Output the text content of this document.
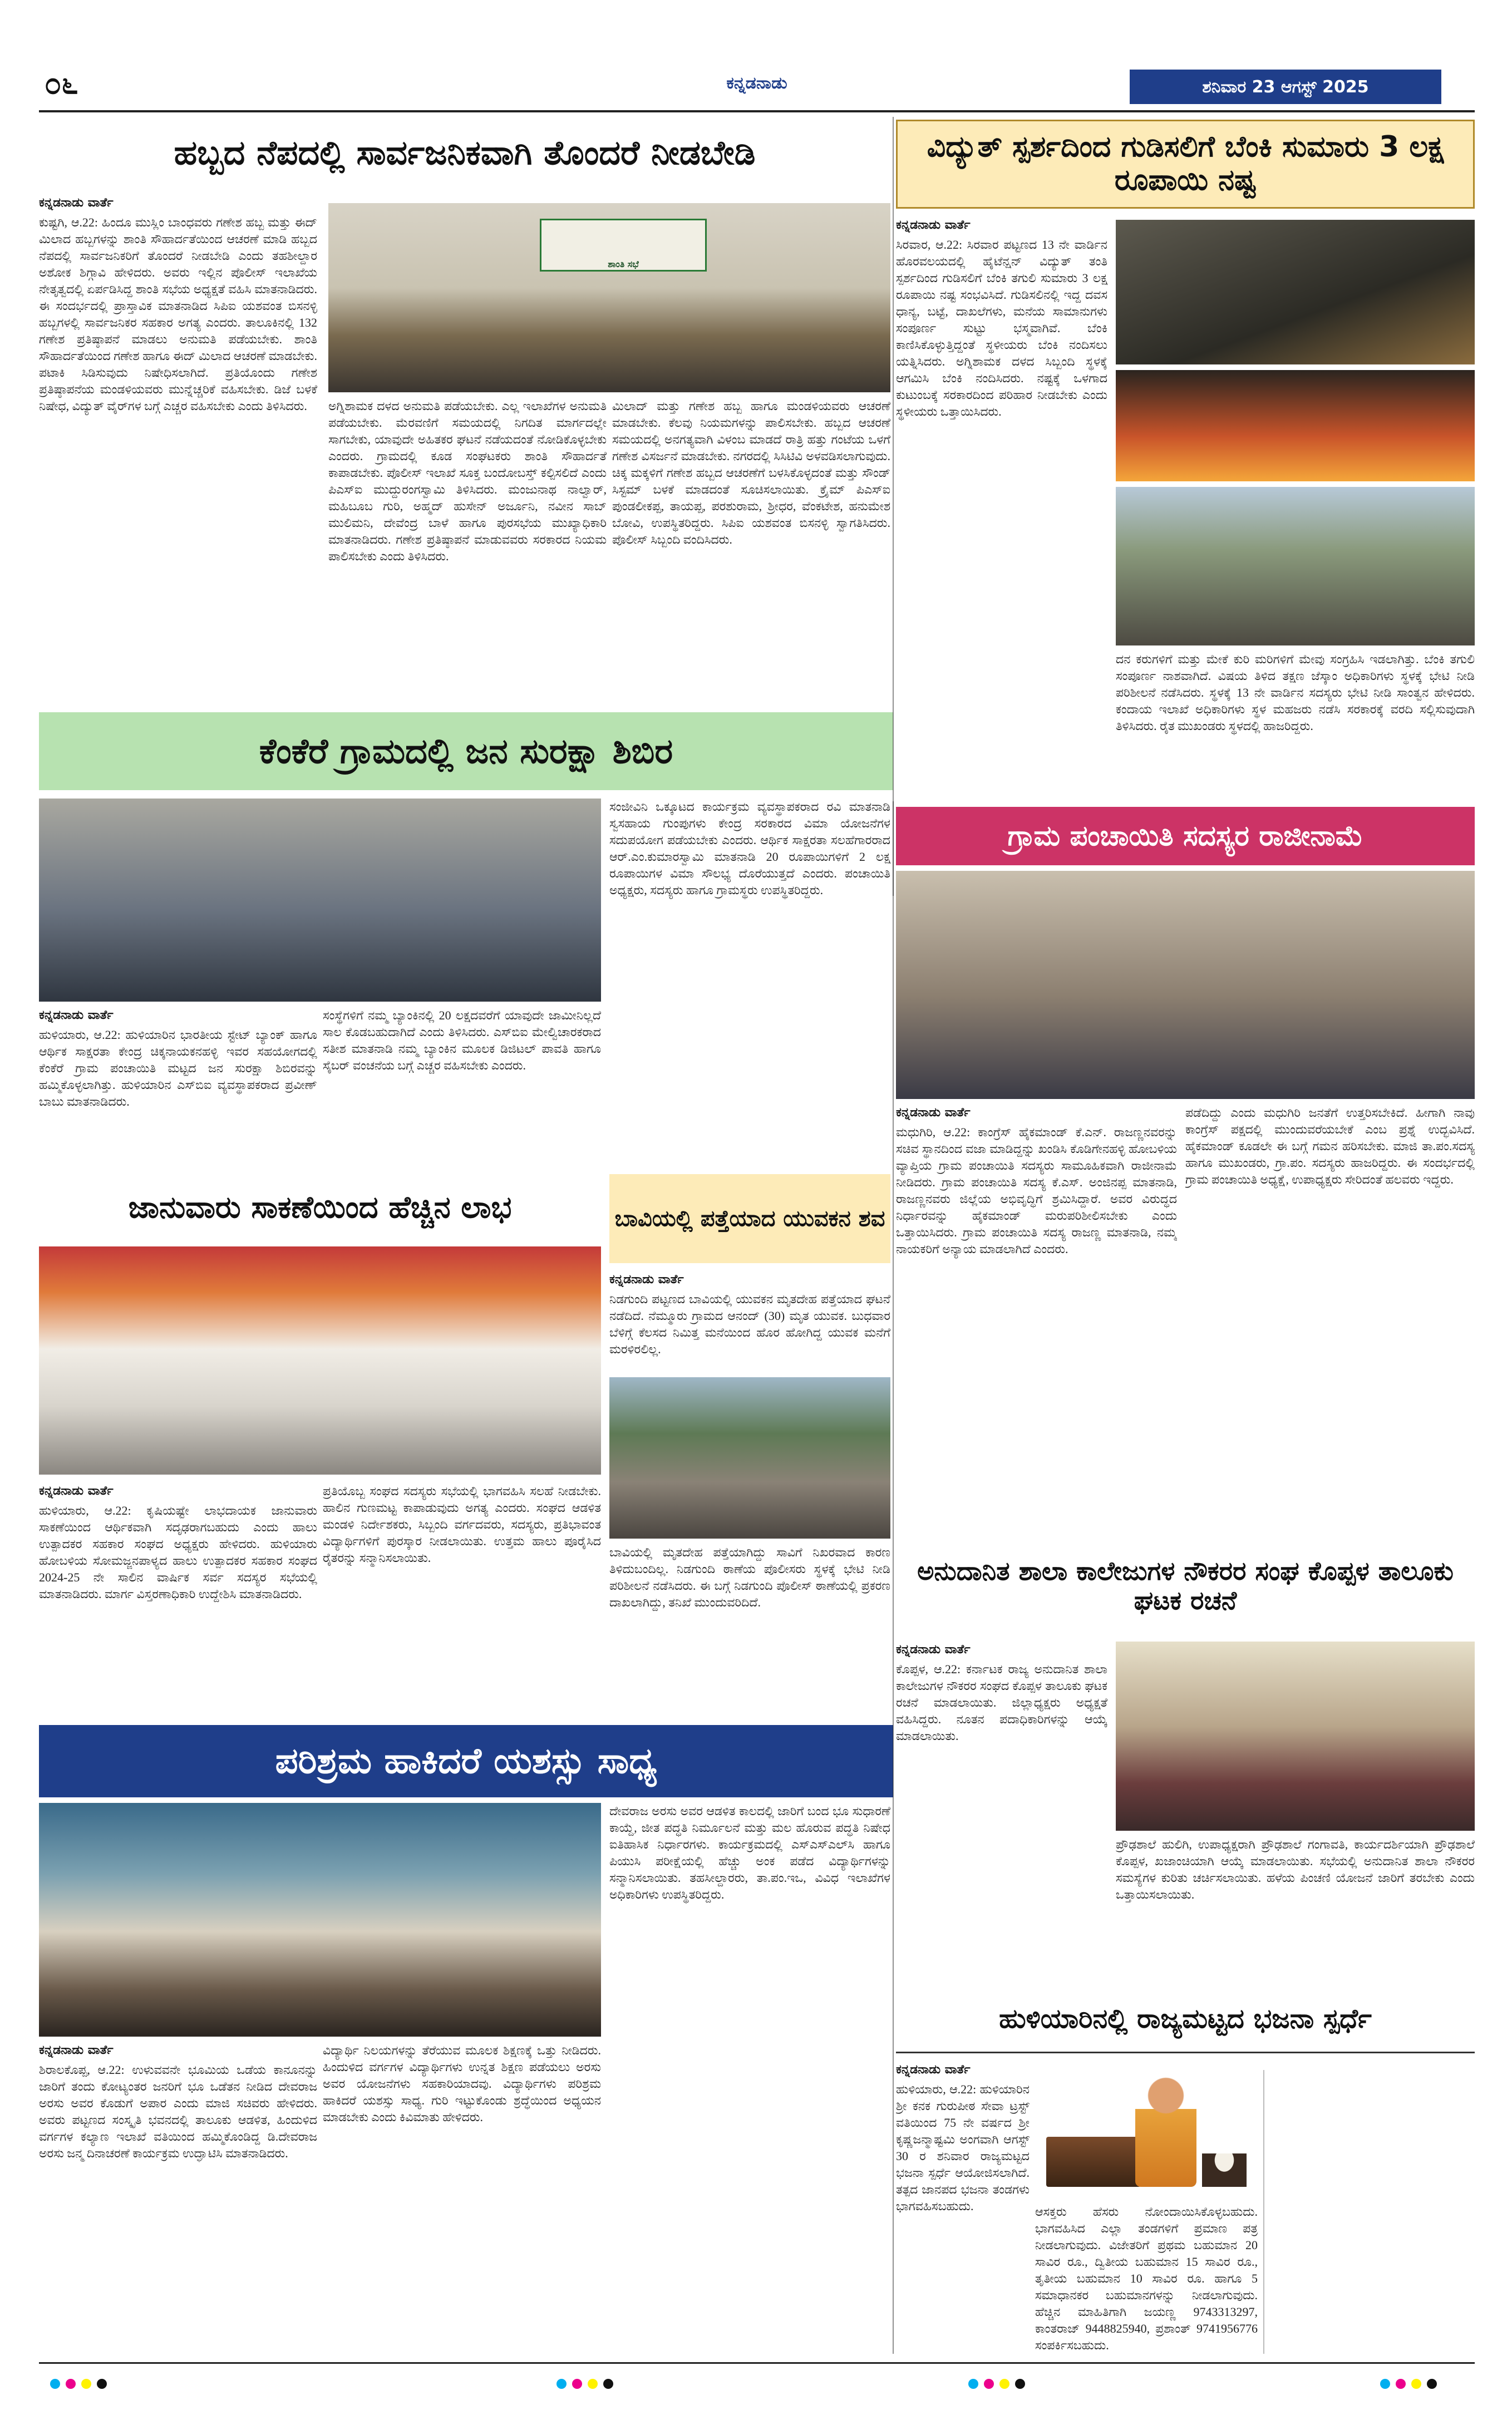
೦೬	ಕನ್ನಡನಾಡು	ಶನಿವಾರ 23 ಆಗಸ್ಟ್ 2025
ಹಬ್ಬದ ನೆಪದಲ್ಲಿ ಸಾರ್ವಜನಿಕವಾಗಿ ತೊಂದರೆ ನೀಡಬೇಡಿ
ಕನ್ನಡನಾಡು ವಾರ್ತೆ
ಕುಷ್ಟಗಿ, ಆ.22: ಹಿಂದೂ ಮುಸ್ಲಿಂ ಬಾಂಧವರು ಗಣೇಶ ಹಬ್ಬ ಮತ್ತು ಈದ್ ಮಿಲಾದ ಹಬ್ಬಗಳನ್ನು ಶಾಂತಿ ಸೌಹಾರ್ದತೆಯಿಂದ ಆಚರಣೆ ಮಾಡಿ ಹಬ್ಬದ ನೆಪದಲ್ಲಿ ಸಾರ್ವಜನಿಕರಿಗೆ ತೊಂದರೆ ನೀಡಬೇಡಿ ಎಂದು ತಹಶೀಲ್ದಾರ ಅಶೋಕ ಶಿಗ್ಗಾವಿ ಹೇಳಿದರು. ಅವರು ಇಲ್ಲಿನ ಪೊಲೀಸ್ ಇಲಾಖೆಯ ನೇತೃತ್ವದಲ್ಲಿ ಏರ್ಪಡಿಸಿದ್ದ ಶಾಂತಿ ಸಭೆಯ ಅಧ್ಯಕ್ಷತೆ ವಹಿಸಿ ಮಾತನಾಡಿದರು. ಈ ಸಂದರ್ಭದಲ್ಲಿ ಪ್ರಾಸ್ತಾವಿಕ ಮಾತನಾಡಿದ ಸಿಪಿಐ ಯಶವಂತ ಬಿಸನಳ್ಳಿ ಹಬ್ಬಗಳಲ್ಲಿ ಸಾರ್ವಜನಿಕರ ಸಹಕಾರ ಅಗತ್ಯ ಎಂದರು. ತಾಲೂಕಿನಲ್ಲಿ 132 ಗಣೇಶ ಪ್ರತಿಷ್ಠಾಪನೆ ಮಾಡಲು ಅನುಮತಿ ಪಡೆಯಬೇಕು. ಶಾಂತಿ ಸೌಹಾರ್ದತೆಯಿಂದ ಗಣೇಶ ಹಾಗೂ ಈದ್ ಮಿಲಾದ ಆಚರಣೆ ಮಾಡಬೇಕು. ಪಟಾಕಿ ಸಿಡಿಸುವುದು ನಿಷೇಧಿಸಲಾಗಿದೆ. ಪ್ರತಿಯೊಂದು ಗಣೇಶ ಪ್ರತಿಷ್ಠಾಪನೆಯ ಮಂಡಳಿಯವರು ಮುನ್ನೆಚ್ಚರಿಕೆ ವಹಿಸಬೇಕು. ಡಿಜೆ ಬಳಕೆ ನಿಷೇಧ, ವಿದ್ಯುತ್ ವೈರ್‌ಗಳ ಬಗ್ಗೆ ಎಚ್ಚರ ವಹಿಸಬೇಕು ಎಂದು ತಿಳಿಸಿದರು.
ಶಾಂತಿ ಸಭೆ
ಅಗ್ನಿಶಾಮಕ ದಳದ ಅನುಮತಿ ಪಡೆಯಬೇಕು. ಎಲ್ಲ ಇಲಾಖೆಗಳ ಅನುಮತಿ ಪಡೆಯಬೇಕು. ಮೆರವಣಿಗೆ ಸಮಯದಲ್ಲಿ ನಿಗದಿತ ಮಾರ್ಗದಲ್ಲೇ ಸಾಗಬೇಕು, ಯಾವುದೇ ಅಹಿತಕರ ಘಟನೆ ನಡೆಯದಂತೆ ನೋಡಿಕೊಳ್ಳಬೇಕು ಎಂದರು. ಗ್ರಾಮದಲ್ಲಿ ಕೂಡ ಸಂಘಟಕರು ಶಾಂತಿ ಸೌಹಾರ್ದತೆ ಕಾಪಾಡಬೇಕು. ಪೊಲೀಸ್ ಇಲಾಖೆ ಸೂಕ್ತ ಬಂದೋಬಸ್ತ್ ಕಲ್ಪಿಸಲಿದೆ ಎಂದು ಪಿಎಸ್ಐ ಮುದ್ದುರಂಗಸ್ವಾಮಿ ತಿಳಿಸಿದರು. ಮಂಜುನಾಥ ನಾಲ್ವಾರ್, ಮಹಿಬೂಬ ಗುರಿ, ಅಹ್ಮದ್ ಹುಸೇನ್ ಅರ್ಜೂನಿ, ನವೀನ ಸಾಬ್ ಮುಲಿಮನಿ, ದೇವೆಂದ್ರ ಬಾಳೆ ಹಾಗೂ ಪುರಸಭೆಯ ಮುಖ್ಯಾಧಿಕಾರಿ ಮಾತನಾಡಿದರು. ಗಣೇಶ ಪ್ರತಿಷ್ಠಾಪನೆ ಮಾಡುವವರು ಸರಕಾರದ ನಿಯಮ ಪಾಲಿಸಬೇಕು ಎಂದು ತಿಳಿಸಿದರು.
ಮಿಲಾದ್ ಮತ್ತು ಗಣೇಶ ಹಬ್ಬ ಹಾಗೂ ಮಂಡಳಿಯವರು ಆಚರಣೆ ಮಾಡಬೇಕು. ಕೆಲವು ನಿಯಮಗಳನ್ನು ಪಾಲಿಸಬೇಕು. ಹಬ್ಬದ ಆಚರಣೆ ಸಮಯದಲ್ಲಿ ಅನಗತ್ಯವಾಗಿ ವಿಳಂಬ ಮಾಡದೆ ರಾತ್ರಿ ಹತ್ತು ಗಂಟೆಯ ಒಳಗೆ ಗಣೇಶ ವಿಸರ್ಜನೆ ಮಾಡಬೇಕು. ನಗರದಲ್ಲಿ ಸಿಸಿಟಿವಿ ಅಳವಡಿಸಲಾಗುವುದು. ಚಿಕ್ಕ ಮಕ್ಕಳಿಗೆ ಗಣೇಶ ಹಬ್ಬದ ಆಚರಣೆಗೆ ಬಳಸಿಕೊಳ್ಳದಂತೆ ಮತ್ತು ಸೌಂಡ್ ಸಿಸ್ಟಮ್ ಬಳಕೆ ಮಾಡದಂತೆ ಸೂಚಿಸಲಾಯಿತು. ಕ್ರೈಮ್ ಪಿಎಸ್ಐ ಪುಂಡಲೀಕಪ್ಪ, ತಾಯಪ್ಪ, ಪರಶುರಾಮ, ಶ್ರೀಧರ, ವೆಂಕಟೇಶ, ಹನುಮೇಶ ಬೋವಿ, ಉಪಸ್ಥಿತರಿದ್ದರು. ಸಿಪಿಐ ಯಶವಂತ ಬಿಸನಳ್ಳಿ ಸ್ವಾಗತಿಸಿದರು. ಪೊಲೀಸ್ ಸಿಬ್ಬಂದಿ ವಂದಿಸಿದರು.
ವಿದ್ಯುತ್ ಸ್ಪರ್ಶದಿಂದ ಗುಡಿಸಲಿಗೆ ಬೆಂಕಿ ಸುಮಾರು 3 ಲಕ್ಷ ರೂಪಾಯಿ ನಷ್ಟ
ಕನ್ನಡನಾಡು ವಾರ್ತೆ
ಸಿರವಾರ, ಆ.22: ಸಿರವಾರ ಪಟ್ಟಣದ 13 ನೇ ವಾರ್ಡಿನ ಹೊರವಲಯದಲ್ಲಿ ಹೈಟೆನ್ಷನ್ ವಿದ್ಯುತ್ ತಂತಿ ಸ್ಪರ್ಶದಿಂದ ಗುಡಿಸಲಿಗೆ ಬೆಂಕಿ ತಗುಲಿ ಸುಮಾರು 3 ಲಕ್ಷ ರೂಪಾಯಿ ನಷ್ಟ ಸಂಭವಿಸಿದೆ. ಗುಡಿಸಲಿನಲ್ಲಿ ಇದ್ದ ದವಸ ಧಾನ್ಯ, ಬಟ್ಟೆ, ದಾಖಲೆಗಳು, ಮನೆಯ ಸಾಮಾನುಗಳು ಸಂಪೂರ್ಣ ಸುಟ್ಟು ಭಸ್ಮವಾಗಿವೆ. ಬೆಂಕಿ ಕಾಣಿಸಿಕೊಳ್ಳುತ್ತಿದ್ದಂತೆ ಸ್ಥಳೀಯರು ಬೆಂಕಿ ನಂದಿಸಲು ಯತ್ನಿಸಿದರು. ಅಗ್ನಿಶಾಮಕ ದಳದ ಸಿಬ್ಬಂದಿ ಸ್ಥಳಕ್ಕೆ ಆಗಮಿಸಿ ಬೆಂಕಿ ನಂದಿಸಿದರು. ನಷ್ಟಕ್ಕೆ ಒಳಗಾದ ಕುಟುಂಬಕ್ಕೆ ಸರಕಾರದಿಂದ ಪರಿಹಾರ ನೀಡಬೇಕು ಎಂದು ಸ್ಥಳೀಯರು ಒತ್ತಾಯಿಸಿದರು.
ದನ ಕರುಗಳಿಗೆ ಮತ್ತು ಮೇಕೆ ಕುರಿ ಮರಿಗಳಿಗೆ ಮೇವು ಸಂಗ್ರಹಿಸಿ ಇಡಲಾಗಿತ್ತು. ಬೆಂಕಿ ತಗುಲಿ ಸಂಪೂರ್ಣ ನಾಶವಾಗಿದೆ. ವಿಷಯ ತಿಳಿದ ತಕ್ಷಣ ಜೆಸ್ಕಾಂ ಅಧಿಕಾರಿಗಳು ಸ್ಥಳಕ್ಕೆ ಭೇಟಿ ನೀಡಿ ಪರಿಶೀಲನೆ ನಡೆಸಿದರು. ಸ್ಥಳಕ್ಕೆ 13 ನೇ ವಾರ್ಡಿನ ಸದಸ್ಯರು ಭೇಟಿ ನೀಡಿ ಸಾಂತ್ವನ ಹೇಳಿದರು. ಕಂದಾಯ ಇಲಾಖೆ ಅಧಿಕಾರಿಗಳು ಸ್ಥಳ ಮಹಜರು ನಡೆಸಿ ಸರಕಾರಕ್ಕೆ ವರದಿ ಸಲ್ಲಿಸುವುದಾಗಿ ತಿಳಿಸಿದರು. ರೈತ ಮುಖಂಡರು ಸ್ಥಳದಲ್ಲಿ ಹಾಜರಿದ್ದರು.
ಕೆಂಕೆರೆ ಗ್ರಾಮದಲ್ಲಿ ಜನ ಸುರಕ್ಷಾ ಶಿಬಿರ
ಕನ್ನಡನಾಡು ವಾರ್ತೆ
ಹುಳಿಯಾರು, ಆ.22: ಹುಳಿಯಾರಿನ ಭಾರತೀಯ ಸ್ಟೇಟ್ ಬ್ಯಾಂಕ್ ಹಾಗೂ ಆರ್ಥಿಕ ಸಾಕ್ಷರತಾ ಕೇಂದ್ರ ಚಿಕ್ಕನಾಯಕನಹಳ್ಳಿ ಇವರ ಸಹಯೋಗದಲ್ಲಿ ಕೆಂಕೆರೆ ಗ್ರಾಮ ಪಂಚಾಯಿತಿ ಮಟ್ಟದ ಜನ ಸುರಕ್ಷಾ ಶಿಬಿರವನ್ನು ಹಮ್ಮಿಕೊಳ್ಳಲಾಗಿತ್ತು. ಹುಳಿಯಾರಿನ ಎಸ್‌ಬಿಐ ವ್ಯವಸ್ಥಾಪಕರಾದ ಪ್ರವೀಣ್ ಬಾಬು ಮಾತನಾಡಿದರು.
ಸಂಸ್ಥೆಗಳಿಗೆ ನಮ್ಮ ಬ್ಯಾಂಕಿನಲ್ಲಿ 20 ಲಕ್ಷದವರೆಗೆ ಯಾವುದೇ ಜಾಮೀನಿಲ್ಲದೆ ಸಾಲ ಕೊಡಬಹುದಾಗಿದೆ ಎಂದು ತಿಳಿಸಿದರು. ಎಸ್‌ಬಿಐ ಮೇಲ್ವಿಚಾರಕರಾದ ಸತೀಶ ಮಾತನಾಡಿ ನಮ್ಮ ಬ್ಯಾಂಕಿನ ಮೂಲಕ ಡಿಜಿಟಲ್ ಪಾವತಿ ಹಾಗೂ ಸೈಬರ್ ವಂಚನೆಯ ಬಗ್ಗೆ ಎಚ್ಚರ ವಹಿಸಬೇಕು ಎಂದರು.
ಸಂಜೀವಿನಿ ಒಕ್ಕೂಟದ ಕಾರ್ಯಕ್ರಮ ವ್ಯವಸ್ಥಾಪಕರಾದ ರವಿ ಮಾತನಾಡಿ ಸ್ವಸಹಾಯ ಗುಂಪುಗಳು ಕೇಂದ್ರ ಸರಕಾರದ ವಿಮಾ ಯೋಜನೆಗಳ ಸದುಪಯೋಗ ಪಡೆಯಬೇಕು ಎಂದರು. ಆರ್ಥಿಕ ಸಾಕ್ಷರತಾ ಸಲಹೆಗಾರರಾದ ಆರ್.ಎಂ.ಕುಮಾರಸ್ವಾಮಿ ಮಾತನಾಡಿ 20 ರೂಪಾಯಿಗಳಿಗೆ 2 ಲಕ್ಷ ರೂಪಾಯಿಗಳ ವಿಮಾ ಸೌಲಭ್ಯ ದೊರೆಯುತ್ತದೆ ಎಂದರು. ಪಂಚಾಯಿತಿ ಅಧ್ಯಕ್ಷರು, ಸದಸ್ಯರು ಹಾಗೂ ಗ್ರಾಮಸ್ಥರು ಉಪಸ್ಥಿತರಿದ್ದರು.
ಗ್ರಾಮ ಪಂಚಾಯಿತಿ ಸದಸ್ಯರ ರಾಜೀನಾಮೆ
ಕನ್ನಡನಾಡು ವಾರ್ತೆ
ಮಧುಗಿರಿ, ಆ.22: ಕಾಂಗ್ರೆಸ್ ಹೈಕಮಾಂಡ್ ಕೆ.ಎನ್. ರಾಜಣ್ಣನವರನ್ನು ಸಚಿವ ಸ್ಥಾನದಿಂದ ವಜಾ ಮಾಡಿದ್ದನ್ನು ಖಂಡಿಸಿ ಕೊಡಿಗೇನಹಳ್ಳಿ ಹೋಬಳಿಯ ವ್ಯಾಪ್ತಿಯ ಗ್ರಾಮ ಪಂಚಾಯಿತಿ ಸದಸ್ಯರು ಸಾಮೂಹಿಕವಾಗಿ ರಾಜೀನಾಮೆ ನೀಡಿದರು. ಗ್ರಾಮ ಪಂಚಾಯಿತಿ ಸದಸ್ಯ ಕೆ.ಎಸ್. ಅಂಜಿನಪ್ಪ ಮಾತನಾಡಿ, ರಾಜಣ್ಣನವರು ಜಿಲ್ಲೆಯ ಅಭಿವೃದ್ಧಿಗೆ ಶ್ರಮಿಸಿದ್ದಾರೆ. ಅವರ ವಿರುದ್ಧದ ನಿರ್ಧಾರವನ್ನು ಹೈಕಮಾಂಡ್ ಮರುಪರಿಶೀಲಿಸಬೇಕು ಎಂದು ಒತ್ತಾಯಿಸಿದರು. ಗ್ರಾಮ ಪಂಚಾಯಿತಿ ಸದಸ್ಯ ರಾಜಣ್ಣ ಮಾತನಾಡಿ, ನಮ್ಮ ನಾಯಕರಿಗೆ ಅನ್ಯಾಯ ಮಾಡಲಾಗಿದೆ ಎಂದರು.
ಪಡೆದಿದ್ದು ಎಂದು ಮಧುಗಿರಿ ಜನತೆಗೆ ಉತ್ತರಿಸಬೇಕಿದೆ. ಹೀಗಾಗಿ ನಾವು ಕಾಂಗ್ರೆಸ್ ಪಕ್ಷದಲ್ಲಿ ಮುಂದುವರೆಯಬೇಕೆ ಎಂಬ ಪ್ರಶ್ನೆ ಉದ್ಭವಿಸಿದೆ. ಹೈಕಮಾಂಡ್ ಕೂಡಲೇ ಈ ಬಗ್ಗೆ ಗಮನ ಹರಿಸಬೇಕು. ಮಾಜಿ ತಾ.ಪಂ.ಸದಸ್ಯ ಹಾಗೂ ಮುಖಂಡರು, ಗ್ರಾ.ಪಂ. ಸದಸ್ಯರು ಹಾಜರಿದ್ದರು. ಈ ಸಂದರ್ಭದಲ್ಲಿ ಗ್ರಾಮ ಪಂಚಾಯಿತಿ ಅಧ್ಯಕ್ಷೆ, ಉಪಾಧ್ಯಕ್ಷರು ಸೇರಿದಂತೆ ಹಲವರು ಇದ್ದರು.
ಜಾನುವಾರು ಸಾಕಣೆಯಿಂದ ಹೆಚ್ಚಿನ ಲಾಭ
ಕನ್ನಡನಾಡು ವಾರ್ತೆ
ಹುಳಿಯಾರು, ಆ.22: ಕೃಷಿಯಷ್ಟೇ ಲಾಭದಾಯಕ ಜಾನುವಾರು ಸಾಕಣೆಯಿಂದ ಆರ್ಥಿಕವಾಗಿ ಸದೃಢರಾಗಬಹುದು ಎಂದು ಹಾಲು ಉತ್ಪಾದಕರ ಸಹಕಾರ ಸಂಘದ ಅಧ್ಯಕ್ಷರು ಹೇಳಿದರು. ಹುಳಿಯಾರು ಹೋಬಳಿಯ ಸೋಮಜ್ಜನಪಾಳ್ಯದ ಹಾಲು ಉತ್ಪಾದಕರ ಸಹಕಾರ ಸಂಘದ 2024-25 ನೇ ಸಾಲಿನ ವಾರ್ಷಿಕ ಸರ್ವ ಸದಸ್ಯರ ಸಭೆಯಲ್ಲಿ ಮಾತನಾಡಿದರು. ಮಾರ್ಗ ವಿಸ್ತರಣಾಧಿಕಾರಿ ಉದ್ದೇಶಿಸಿ ಮಾತನಾಡಿದರು.
ಪ್ರತಿಯೊಬ್ಬ ಸಂಘದ ಸದಸ್ಯರು ಸಭೆಯಲ್ಲಿ ಭಾಗವಹಿಸಿ ಸಲಹೆ ನೀಡಬೇಕು. ಹಾಲಿನ ಗುಣಮಟ್ಟ ಕಾಪಾಡುವುದು ಅಗತ್ಯ ಎಂದರು. ಸಂಘದ ಆಡಳಿತ ಮಂಡಳಿ ನಿರ್ದೇಶಕರು, ಸಿಬ್ಬಂದಿ ವರ್ಗದವರು, ಸದಸ್ಯರು, ಪ್ರತಿಭಾವಂತ ವಿದ್ಯಾರ್ಥಿಗಳಿಗೆ ಪುರಸ್ಕಾರ ನೀಡಲಾಯಿತು. ಉತ್ತಮ ಹಾಲು ಪೂರೈಸಿದ ರೈತರನ್ನು ಸನ್ಮಾನಿಸಲಾಯಿತು.
ಬಾವಿಯಲ್ಲಿ ಪತ್ತೆಯಾದ ಯುವಕನ ಶವ
ಕನ್ನಡನಾಡು ವಾರ್ತೆ
ನಿಡಗುಂದಿ ಪಟ್ಟಣದ ಬಾವಿಯಲ್ಲಿ ಯುವಕನ ಮೃತದೇಹ ಪತ್ತೆಯಾದ ಘಟನೆ ನಡೆದಿದೆ. ನೆಮ್ಮೂರು ಗ್ರಾಮದ ಆನಂದ್ (30) ಮೃತ ಯುವಕ. ಬುಧವಾರ ಬೆಳಿಗ್ಗೆ ಕೆಲಸದ ನಿಮಿತ್ತ ಮನೆಯಿಂದ ಹೊರ ಹೋಗಿದ್ದ ಯುವಕ ಮನೆಗೆ ಮರಳಿರಲಿಲ್ಲ.
ಬಾವಿಯಲ್ಲಿ ಮೃತದೇಹ ಪತ್ತೆಯಾಗಿದ್ದು ಸಾವಿಗೆ ನಿಖರವಾದ ಕಾರಣ ತಿಳಿದುಬಂದಿಲ್ಲ. ನಿಡಗುಂದಿ ಠಾಣೆಯ ಪೊಲೀಸರು ಸ್ಥಳಕ್ಕೆ ಭೇಟಿ ನೀಡಿ ಪರಿಶೀಲನೆ ನಡೆಸಿದರು. ಈ ಬಗ್ಗೆ ನಿಡಗುಂದಿ ಪೊಲೀಸ್ ಠಾಣೆಯಲ್ಲಿ ಪ್ರಕರಣ ದಾಖಲಾಗಿದ್ದು, ತನಿಖೆ ಮುಂದುವರಿದಿದೆ.
ಅನುದಾನಿತ ಶಾಲಾ ಕಾಲೇಜುಗಳ ನೌಕರರ ಸಂಘ ಕೊಪ್ಪಳ ತಾಲೂಕು ಘಟಕ ರಚನೆ
ಕನ್ನಡನಾಡು ವಾರ್ತೆ
ಕೊಪ್ಪಳ, ಆ.22: ಕರ್ನಾಟಕ ರಾಜ್ಯ ಅನುದಾನಿತ ಶಾಲಾ ಕಾಲೇಜುಗಳ ನೌಕರರ ಸಂಘದ ಕೊಪ್ಪಳ ತಾಲೂಕು ಘಟಕ ರಚನೆ ಮಾಡಲಾಯಿತು. ಜಿಲ್ಲಾಧ್ಯಕ್ಷರು ಅಧ್ಯಕ್ಷತೆ ವಹಿಸಿದ್ದರು. ನೂತನ ಪದಾಧಿಕಾರಿಗಳನ್ನು ಆಯ್ಕೆ ಮಾಡಲಾಯಿತು.
ಪ್ರೌಢಶಾಲೆ ಹುಲಿಗಿ, ಉಪಾಧ್ಯಕ್ಷರಾಗಿ ಪ್ರೌಢಶಾಲೆ ಗಂಗಾವತಿ, ಕಾರ್ಯದರ್ಶಿಯಾಗಿ ಪ್ರೌಢಶಾಲೆ ಕೊಪ್ಪಳ, ಖಜಾಂಚಿಯಾಗಿ ಆಯ್ಕೆ ಮಾಡಲಾಯಿತು. ಸಭೆಯಲ್ಲಿ ಅನುದಾನಿತ ಶಾಲಾ ನೌಕರರ ಸಮಸ್ಯೆಗಳ ಕುರಿತು ಚರ್ಚಿಸಲಾಯಿತು. ಹಳೆಯ ಪಿಂಚಣಿ ಯೋಜನೆ ಜಾರಿಗೆ ತರಬೇಕು ಎಂದು ಒತ್ತಾಯಿಸಲಾಯಿತು.
ಪರಿಶ್ರಮ ಹಾಕಿದರೆ ಯಶಸ್ಸು ಸಾಧ್ಯ
ಕನ್ನಡನಾಡು ವಾರ್ತೆ
ಶಿರಾಲಕೊಪ್ಪ, ಆ.22: ಉಳುವವನೇ ಭೂಮಿಯ ಒಡೆಯ ಕಾನೂನನ್ನು ಜಾರಿಗೆ ತಂದು ಕೋಟ್ಯಂತರ ಜನರಿಗೆ ಭೂ ಒಡೆತನ ನೀಡಿದ ದೇವರಾಜ ಅರಸು ಅವರ ಕೊಡುಗೆ ಅಪಾರ ಎಂದು ಮಾಜಿ ಸಚಿವರು ಹೇಳಿದರು. ಅವರು ಪಟ್ಟಣದ ಸಂಸ್ಕೃತಿ ಭವನದಲ್ಲಿ ತಾಲೂಕು ಆಡಳಿತ, ಹಿಂದುಳಿದ ವರ್ಗಗಳ ಕಲ್ಯಾಣ ಇಲಾಖೆ ವತಿಯಿಂದ ಹಮ್ಮಿಕೊಂಡಿದ್ದ ಡಿ.ದೇವರಾಜ ಅರಸು ಜನ್ಮ ದಿನಾಚರಣೆ ಕಾರ್ಯಕ್ರಮ ಉದ್ಘಾಟಿಸಿ ಮಾತನಾಡಿದರು.
ವಿದ್ಯಾರ್ಥಿ ನಿಲಯಗಳನ್ನು ತೆರೆಯುವ ಮೂಲಕ ಶಿಕ್ಷಣಕ್ಕೆ ಒತ್ತು ನೀಡಿದರು. ಹಿಂದುಳಿದ ವರ್ಗಗಳ ವಿದ್ಯಾರ್ಥಿಗಳು ಉನ್ನತ ಶಿಕ್ಷಣ ಪಡೆಯಲು ಅರಸು ಅವರ ಯೋಜನೆಗಳು ಸಹಕಾರಿಯಾದವು. ವಿದ್ಯಾರ್ಥಿಗಳು ಪರಿಶ್ರಮ ಹಾಕಿದರೆ ಯಶಸ್ಸು ಸಾಧ್ಯ. ಗುರಿ ಇಟ್ಟುಕೊಂಡು ಶ್ರದ್ಧೆಯಿಂದ ಅಧ್ಯಯನ ಮಾಡಬೇಕು ಎಂದು ಕಿವಿಮಾತು ಹೇಳಿದರು.
ದೇವರಾಜ ಅರಸು ಅವರ ಆಡಳಿತ ಕಾಲದಲ್ಲಿ ಜಾರಿಗೆ ಬಂದ ಭೂ ಸುಧಾರಣೆ ಕಾಯ್ದೆ, ಜೀತ ಪದ್ಧತಿ ನಿರ್ಮೂಲನೆ ಮತ್ತು ಮಲ ಹೊರುವ ಪದ್ಧತಿ ನಿಷೇಧ ಐತಿಹಾಸಿಕ ನಿರ್ಧಾರಗಳು. ಕಾರ್ಯಕ್ರಮದಲ್ಲಿ ಎಸ್ಎಸ್ಎಲ್‌ಸಿ ಹಾಗೂ ಪಿಯುಸಿ ಪರೀಕ್ಷೆಯಲ್ಲಿ ಹೆಚ್ಚು ಅಂಕ ಪಡೆದ ವಿದ್ಯಾರ್ಥಿಗಳನ್ನು ಸನ್ಮಾನಿಸಲಾಯಿತು. ತಹಸೀಲ್ದಾರರು, ತಾ.ಪಂ.ಇಒ, ವಿವಿಧ ಇಲಾಖೆಗಳ ಅಧಿಕಾರಿಗಳು ಉಪಸ್ಥಿತರಿದ್ದರು.
ಹುಳಿಯಾರಿನಲ್ಲಿ ರಾಜ್ಯಮಟ್ಟದ ಭಜನಾ ಸ್ಪರ್ಧೆ
ಕನ್ನಡನಾಡು ವಾರ್ತೆ
ಹುಳಿಯಾರು, ಆ.22: ಹುಳಿಯಾರಿನ ಶ್ರೀ ಕನಕ ಗುರುಪೀಠ ಸೇವಾ ಟ್ರಸ್ಟ್ ವತಿಯಿಂದ 75 ನೇ ವರ್ಷದ ಶ್ರೀ ಕೃಷ್ಣಜನ್ಮಾಷ್ಟಮಿ ಅಂಗವಾಗಿ ಆಗಸ್ಟ್ 30 ರ ಶನಿವಾರ ರಾಜ್ಯಮಟ್ಟದ ಭಜನಾ ಸ್ಪರ್ಧೆ ಆಯೋಜಿಸಲಾಗಿದೆ. ತತ್ಪದ ಜಾನಪದ ಭಜನಾ ತಂಡಗಳು ಭಾಗವಹಿಸಬಹುದು.	ಆಸಕ್ತರು ಹೆಸರು ನೋಂದಾಯಿಸಿಕೊಳ್ಳಬಹುದು. ಭಾಗವಹಿಸಿದ ಎಲ್ಲಾ ತಂಡಗಳಿಗೆ ಪ್ರಮಾಣ ಪತ್ರ ನೀಡಲಾಗುವುದು. ವಿಜೇತರಿಗೆ ಪ್ರಥಮ ಬಹುಮಾನ 20 ಸಾವಿರ ರೂ., ದ್ವಿತೀಯ ಬಹುಮಾನ 15 ಸಾವಿರ ರೂ., ತೃತೀಯ ಬಹುಮಾನ 10 ಸಾವಿರ ರೂ. ಹಾಗೂ 5 ಸಮಾಧಾನಕರ ಬಹುಮಾನಗಳನ್ನು ನೀಡಲಾಗುವುದು. ಹೆಚ್ಚಿನ ಮಾಹಿತಿಗಾಗಿ ಜಯಣ್ಣ 9743313297, ಕಾಂತರಾಜ್ 9448825940, ಪ್ರಶಾಂತ್ 9741956776 ಸಂಪರ್ಕಿಸಬಹುದು.
